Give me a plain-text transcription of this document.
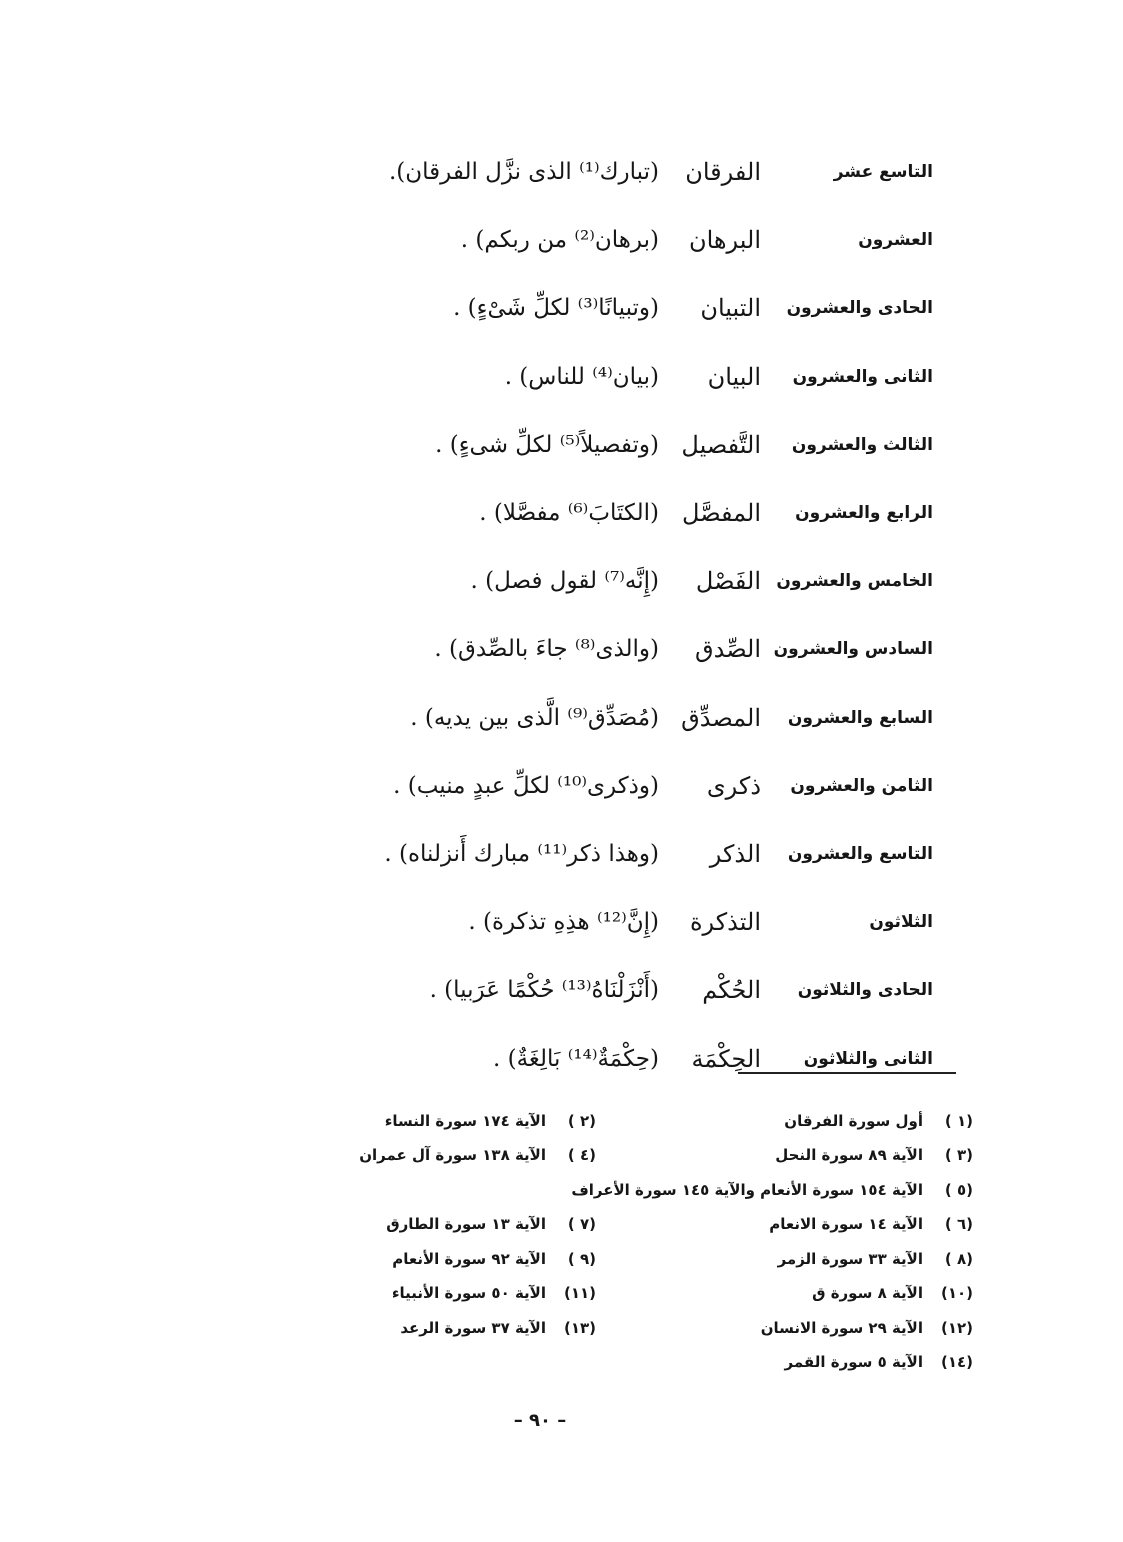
التاسع عشر
الفرقان
(تبارك⁽¹⁾ الذى نزَّل الفرقان).
العشرون
البرهان
(برهان⁽²⁾ من ربكم) .
الحادى والعشرون
التبيان
(وتبيانًا⁽³⁾ لكلِّ شَىْءٍ) .
الثانى والعشرون
البيان
(بيان⁽⁴⁾ للناس) .
الثالث والعشرون
التَّفصيل
(وتفصيلاً⁽⁵⁾ لكلِّ شىءٍ) .
الرابع والعشرون
المفصَّل
(الكتَابَ⁽⁶⁾ مفصَّلا) .
الخامس والعشرون
الفَصْل
(إِنَّه⁽⁷⁾ لقول فصل) .
السادس والعشرون
الصِّدق
(والذى⁽⁸⁾ جاءَ بالصِّدق) .
السابع والعشرون
المصدِّق
(مُصَدِّق⁽⁹⁾ الَّذى بين يديه) .
الثامن والعشرون
ذكرى
(وذكرى⁽¹⁰⁾ لكلِّ عبدٍ منيب) .
التاسع والعشرون
الذكر
(وهذا ذكر⁽¹¹⁾ مبارك أَنزلناه) .
الثلاثون
التذكرة
(إِنَّ⁽¹²⁾ هذِهِ تذكرة) .
الحادى والثلاثون
الحُكْم
(أَنْزَلْنَاهُ⁽¹³⁾ حُكْمًا عَرَبيا) .
الثانى والثلاثون
الحِكْمَة
(حِكْمَةٌ⁽¹⁴⁾ بَالِغَةٌ) .
(١ )
أول سورة الفرقان
(٢ )
الآية ١٧٤ سورة النساء
(٣ )
الآية ٨٩ سورة النحل
(٤ )
الآية ١٣٨ سورة آل عمران
(٥ )
الآية ١٥٤ سورة الأنعام والآية ١٤٥ سورة الأعراف
(٦ )
الآية ١٤ سورة الانعام
(٧ )
الآية ١٣ سورة الطارق
(٨ )
الآية ٣٣ سورة الزمر
(٩ )
الآية ٩٢ سورة الأنعام
(١٠)
الآية ٨ سورة ق
(١١)
الآية ٥٠ سورة الأنبياء
(١٢)
الآية ٢٩ سورة الانسان
(١٣)
الآية ٣٧ سورة الرعد
(١٤)
الآية ٥ سورة القمر
– ٩٠ –
